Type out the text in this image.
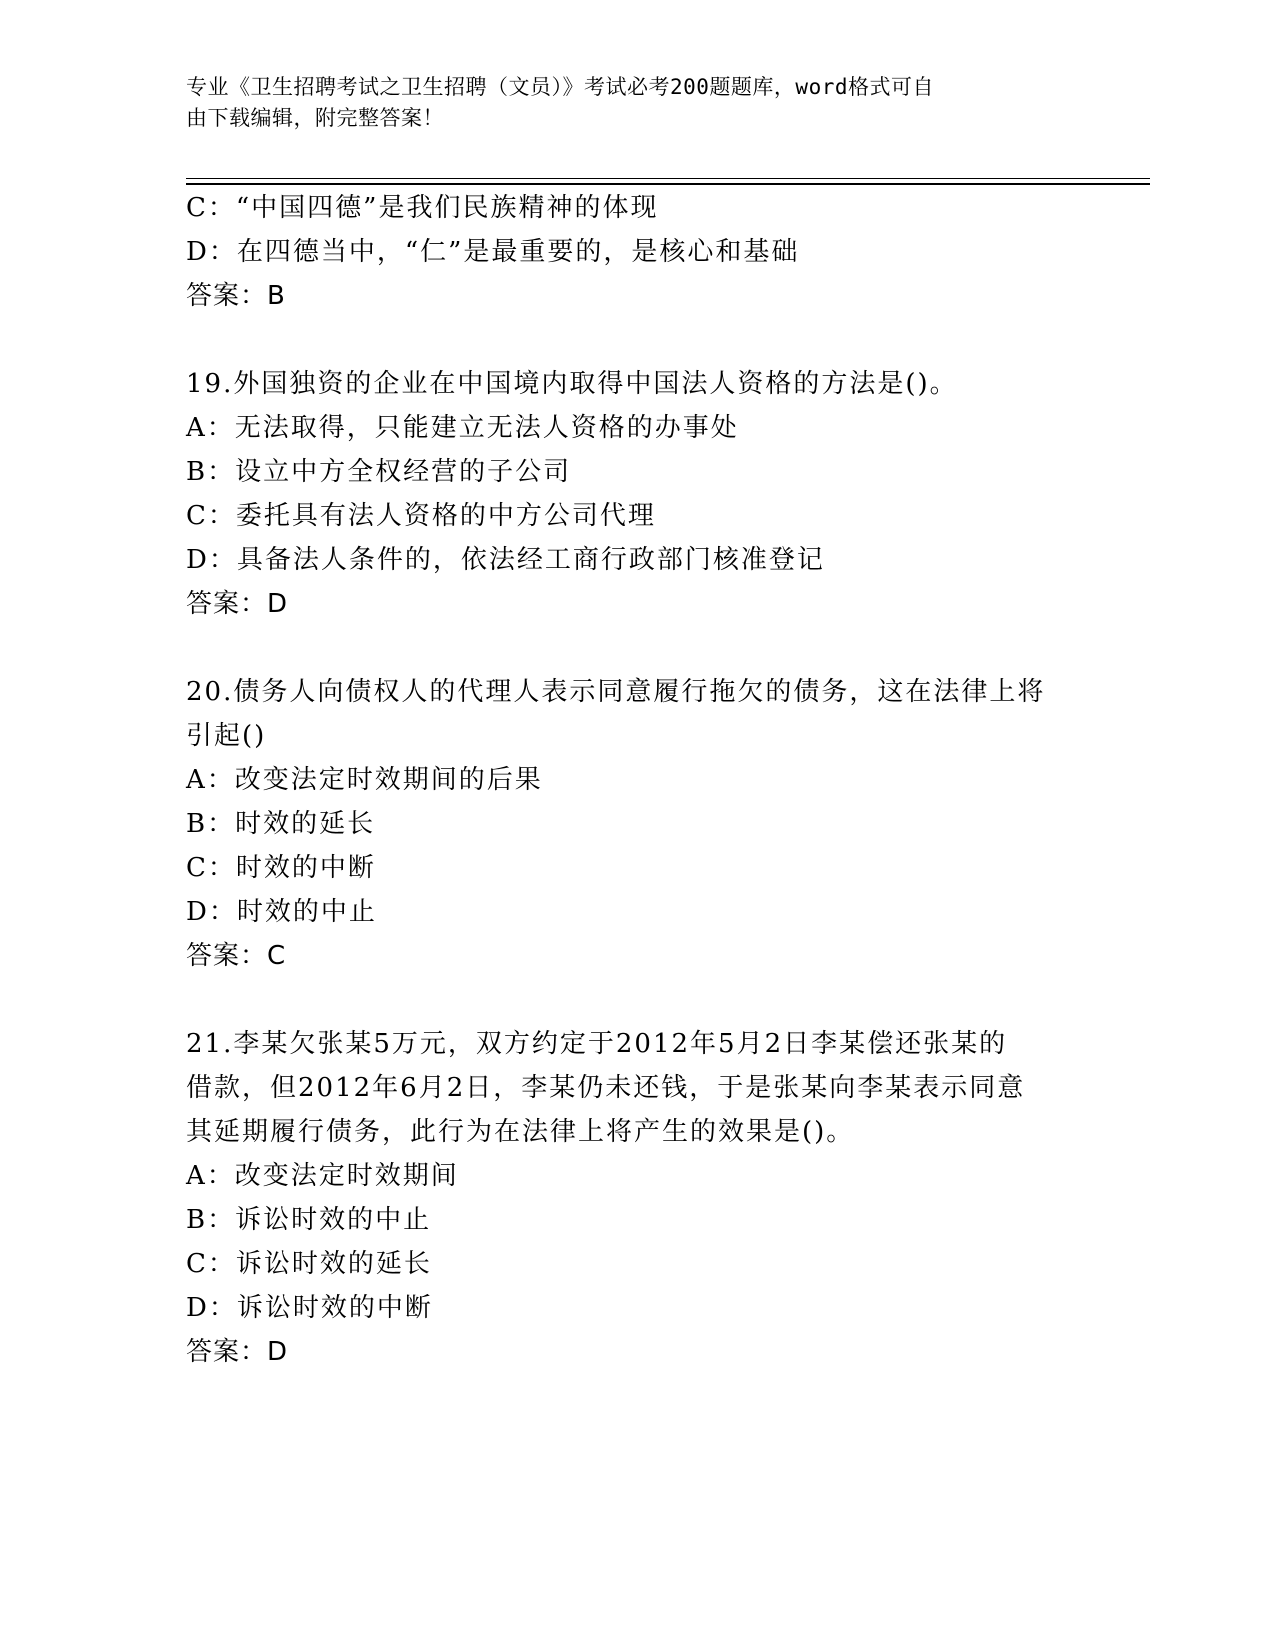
专业《卫生招聘考试之卫生招聘（文员）》考试必考200题题库，word格式可自
由下载编辑，附完整答案！
C：“中国四德”是我们民族精神的体现
D：在四德当中，“仁”是最重要的，是核心和基础
答案：B
19.外国独资的企业在中国境内取得中国法人资格的方法是()。
A：无法取得，只能建立无法人资格的办事处
B：设立中方全权经营的子公司
C：委托具有法人资格的中方公司代理
D：具备法人条件的，依法经工商行政部门核准登记
答案：D
20.债务人向债权人的代理人表示同意履行拖欠的债务，这在法律上将
引起()
A：改变法定时效期间的后果
B：时效的延长
C：时效的中断
D：时效的中止
答案：C
21.李某欠张某5万元，双方约定于2012年5月2日李某偿还张某的
借款，但2012年6月2日，李某仍未还钱，于是张某向李某表示同意
其延期履行债务，此行为在法律上将产生的效果是()。
A：改变法定时效期间
B：诉讼时效的中止
C：诉讼时效的延长
D：诉讼时效的中断
答案：D
